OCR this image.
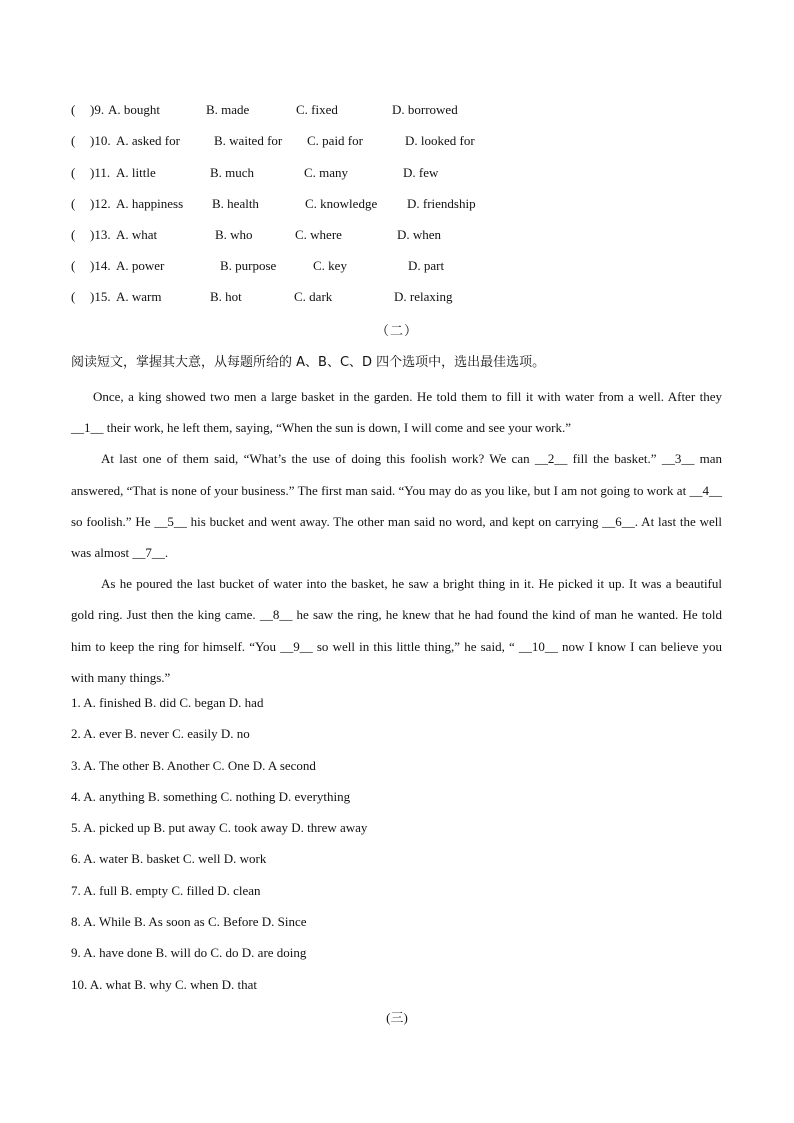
( )9. A. bought	B. made	C. fixed	D. borrowed
( )10. A. asked for	B. waited for C. paid for	D. looked for
( )11. A. little	B. much	C. many	D. few
( )12. A. happiness B. health	C. knowledge D. friendship
( )13. A. what	B. who	C. where	D. when
( )14. A. power	B. purpose	C. key	D. part
( )15. A. warm	B. hot	C. dark	D. relaxing
（二）
阅读短文，掌握其大意，从每题所给的 A、B、C、D 四个选项中，选出最佳选项。

Once, a king showed two men a large basket in the garden. He told them to fill it with water from a well. After they __1__ their work, he left them, saying, “When the sun is down, I will come and see your work.”

At last one of them said, “What’s the use of doing this foolish work? We can __2__ fill the basket.” __3__ man answered, “That is none of your business.” The first man said. “You may do as you like, but I am not going to work at __4__ so foolish.” He __5__ his bucket and went away. The other man said no word, and kept on carrying __6__. At last the well was almost __7__.

As he poured the last bucket of water into the basket, he saw a bright thing in it. He picked it up. It was a beautiful gold ring. Just then the king came. __8__ he saw the ring, he knew that he had found the kind of man he wanted. He told him to keep the ring for himself. “You __9__ so well in this little thing,” he said, “ __10__ now I know I can believe you with many things.”

1. A. finished B. did C. began D. had
2. A. ever B. never C. easily D. no
3. A. The other B. Another C. One D. A second
4. A. anything B. something C. nothing D. everything
5. A. picked up B. put away C. took away D. threw away
6. A. water B. basket C. well D. work
7. A. full B. empty C. filled D. clean
8. A. While B. As soon as C. Before D. Since
9. A. have done B. will do C. do D. are doing
10. A. what B. why C. when D. that
(三)
